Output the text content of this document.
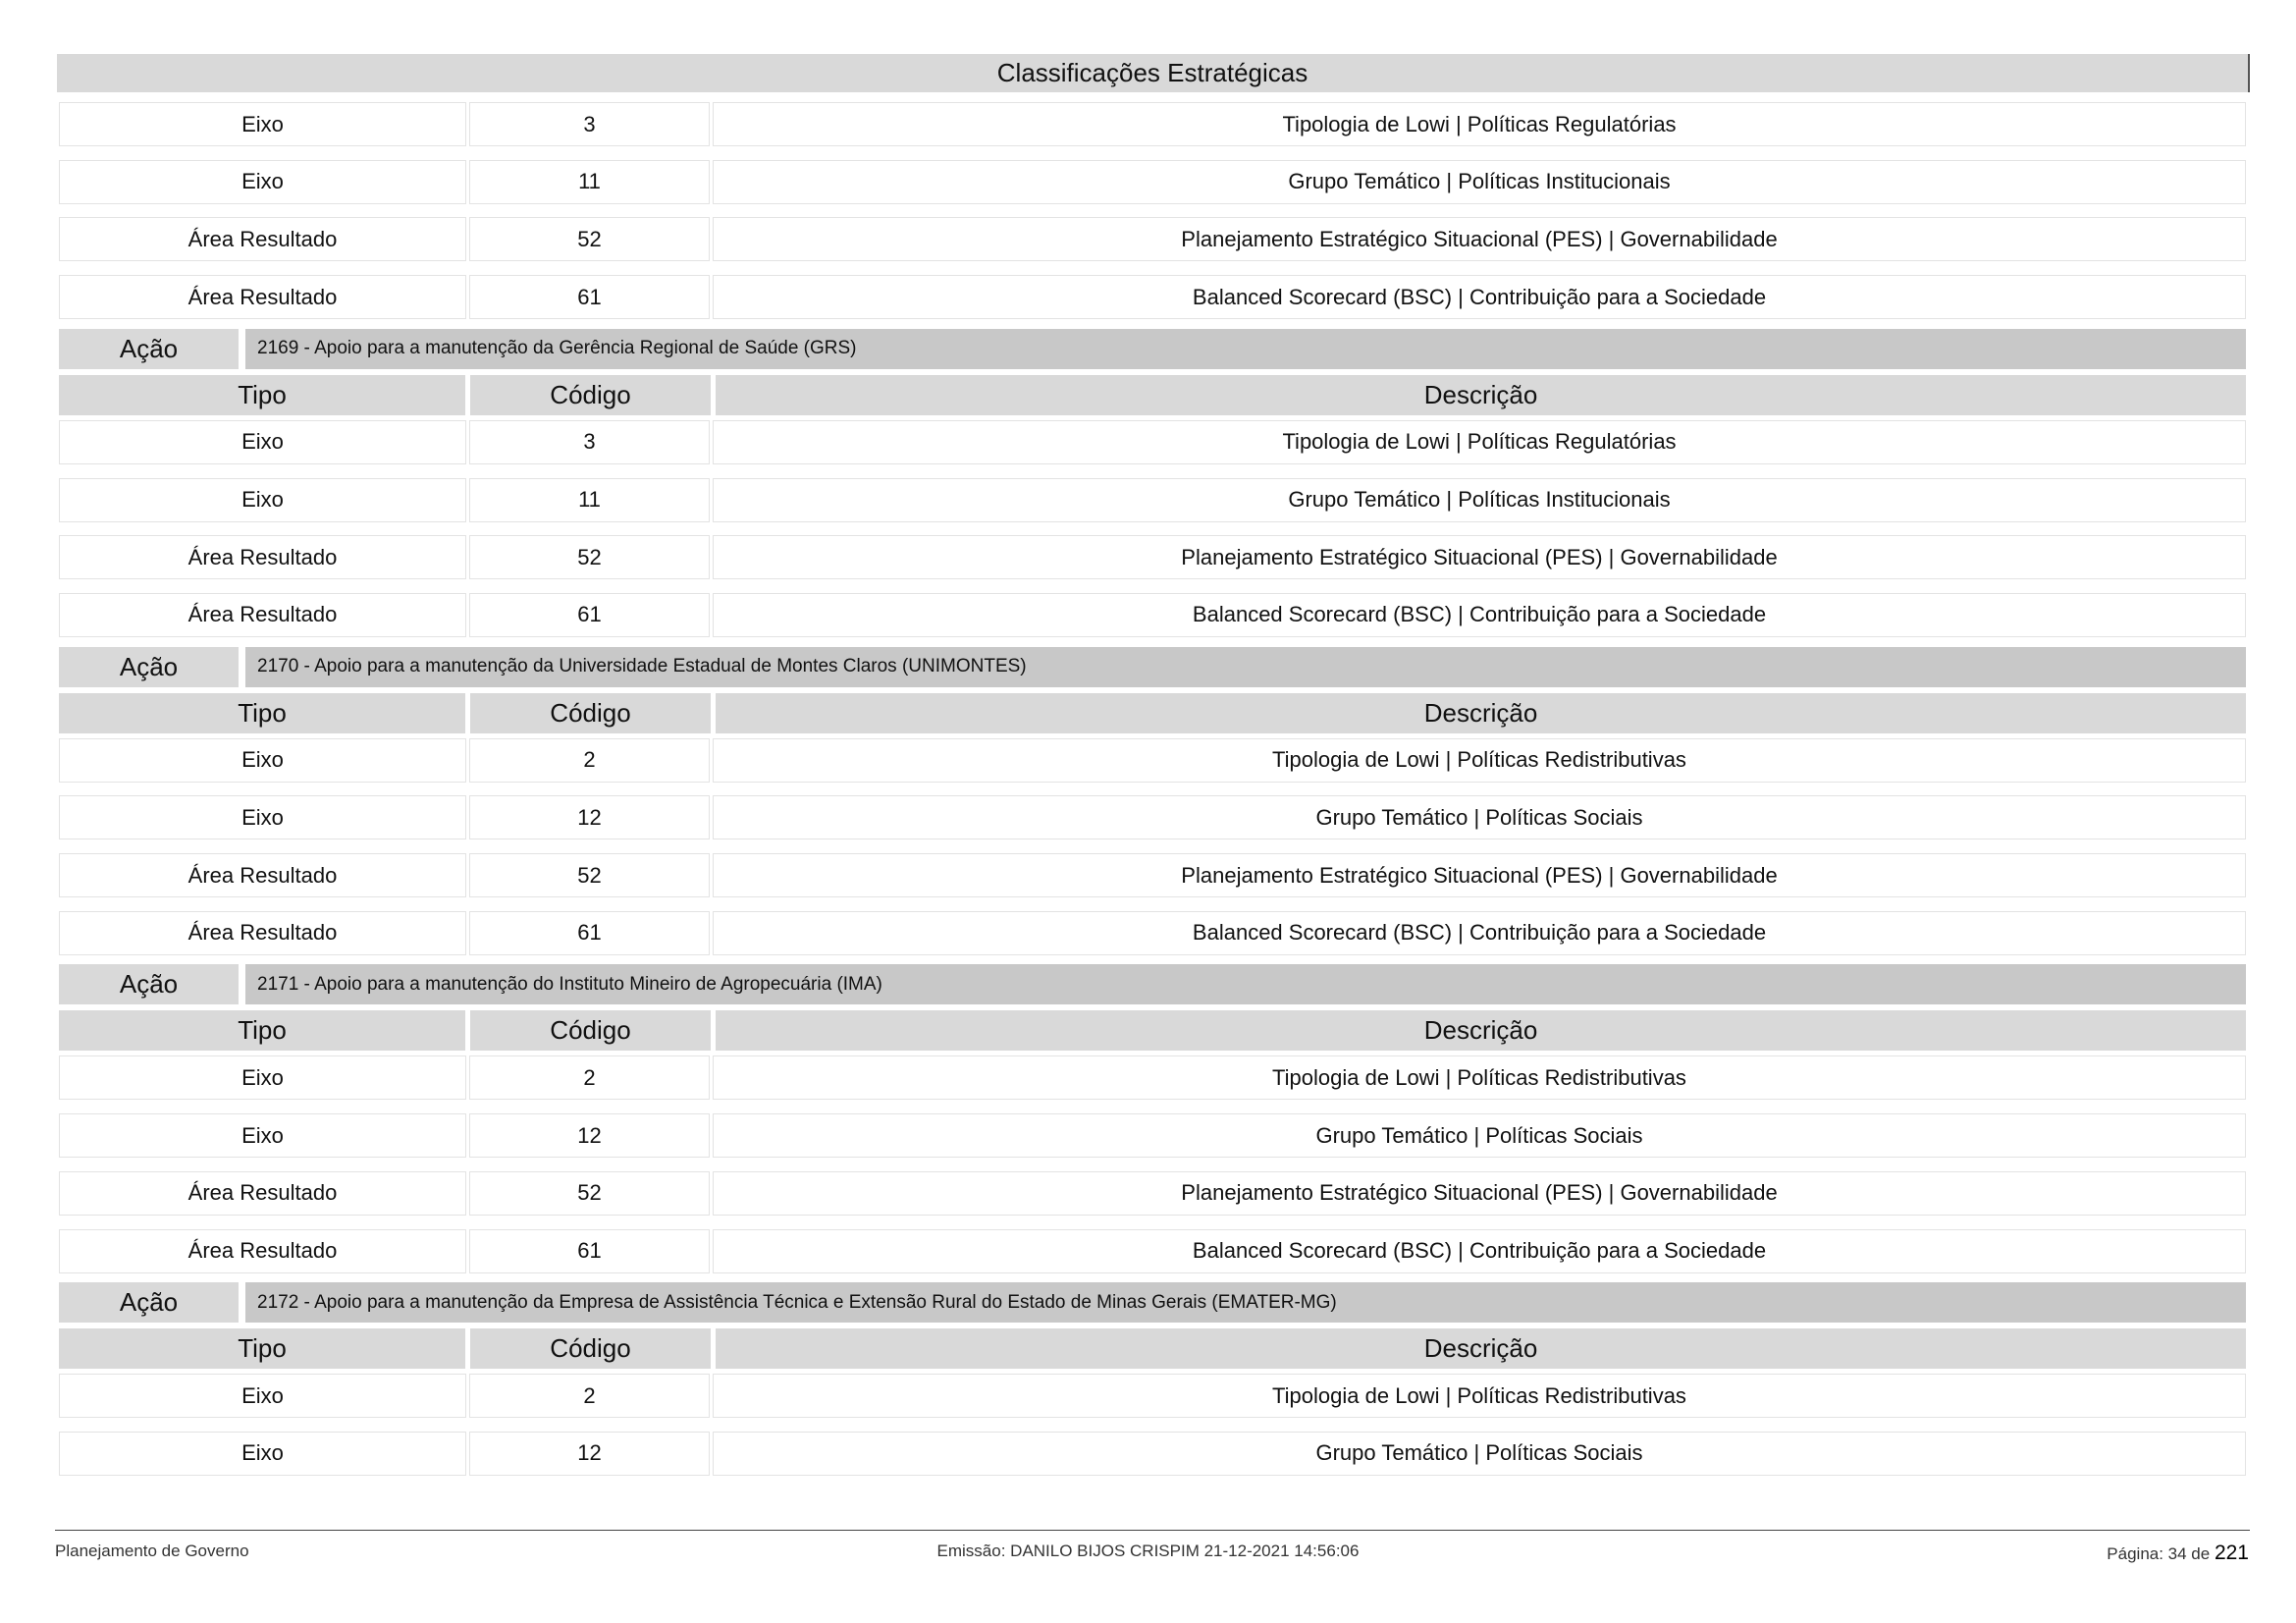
Classificações Estratégicas
Eixo	3	Tipologia de Lowi | Políticas Regulatórias
Eixo	11	Grupo Temático | Políticas Institucionais
Área Resultado	52	Planejamento Estratégico Situacional (PES) | Governabilidade
Área Resultado	61	Balanced Scorecard (BSC) | Contribuição para a Sociedade
Ação	2169 - Apoio para a manutenção da Gerência Regional de Saúde (GRS)
Tipo	Código	Descrição
Eixo	3	Tipologia de Lowi | Políticas Regulatórias
Eixo	11	Grupo Temático | Políticas Institucionais
Área Resultado	52	Planejamento Estratégico Situacional (PES) | Governabilidade
Área Resultado	61	Balanced Scorecard (BSC) | Contribuição para a Sociedade
Ação	2170 - Apoio para a manutenção da Universidade Estadual de Montes Claros (UNIMONTES)
Tipo	Código	Descrição
Eixo	2	Tipologia de Lowi | Políticas Redistributivas
Eixo	12	Grupo Temático | Políticas Sociais
Área Resultado	52	Planejamento Estratégico Situacional (PES) | Governabilidade
Área Resultado	61	Balanced Scorecard (BSC) | Contribuição para a Sociedade
Ação	2171 - Apoio para a manutenção do Instituto Mineiro de Agropecuária (IMA)
Tipo	Código	Descrição
Eixo	2	Tipologia de Lowi | Políticas Redistributivas
Eixo	12	Grupo Temático | Políticas Sociais
Área Resultado	52	Planejamento Estratégico Situacional (PES) | Governabilidade
Área Resultado	61	Balanced Scorecard (BSC) | Contribuição para a Sociedade
Ação	2172 - Apoio para a manutenção da Empresa de Assistência Técnica e Extensão Rural do Estado de Minas Gerais (EMATER-MG)
Tipo	Código	Descrição
Eixo	2	Tipologia de Lowi | Políticas Redistributivas
Eixo	12	Grupo Temático | Políticas Sociais
Planejamento de Governo	Emissão: DANILO BIJOS CRISPIM 21-12-2021 14:56:06	Página: 34 de 221
